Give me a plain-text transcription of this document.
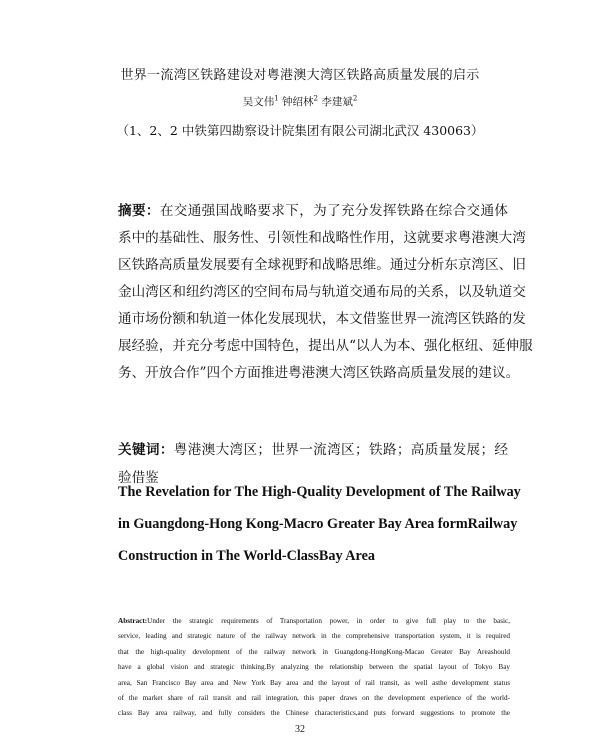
世界一流湾区铁路建设对粤港澳大湾区铁路高质量发展的启示
吴文伟$^1$ 钟绍林$^2$ 李建斌$^2$
（1、2、2 中铁第四勘察设计院集团有限公司湖北武汉 430063）
摘要：在交通强国战略要求下，为了充分发挥铁路在综合交通体
系中的基础性、服务性、引领性和战略性作用，这就要求粤港澳大湾
区铁路高质量发展要有全球视野和战略思维。通过分析东京湾区、旧
金山湾区和纽约湾区的空间布局与轨道交通布局的关系，以及轨道交
通市场份额和轨道一体化发展现状，本文借鉴世界一流湾区铁路的发
展经验，并充分考虑中国特色，提出从“以人为本、强化枢纽、延伸服
务、开放合作”四个方面推进粤港澳大湾区铁路高质量发展的建议。
关键词：粤港澳大湾区；世界一流湾区；铁路；高质量发展；经
验借鉴
The Revelation for The High-Quality Development of The Railway
in Guangdong-Hong Kong-Macro Greater Bay Area formRailway
Construction in The World-ClassBay Area
Abstract:Under the strategic requirements of Transportation power, in order to give full play to the basic,
service, leading and strategic nature of the railway network in the comprehensive transportation system, it is required
that the high-quality development of the railway network in Guangdong-HongKong-Macao Greater Bay Areashould
have a global vision and strategic thinking.By analyzing the relationship between the spatial layout of Tokyo Bay
area, San Francisco Bay area and New York Bay area and the layout of rail transit, as well asthe development status
of the market share of rail transit and rail integration, this paper draws on the development experience of the world-
class Bay area railway, and fully considers the Chinese characteristics,and puts forward suggestions to promote the
32
